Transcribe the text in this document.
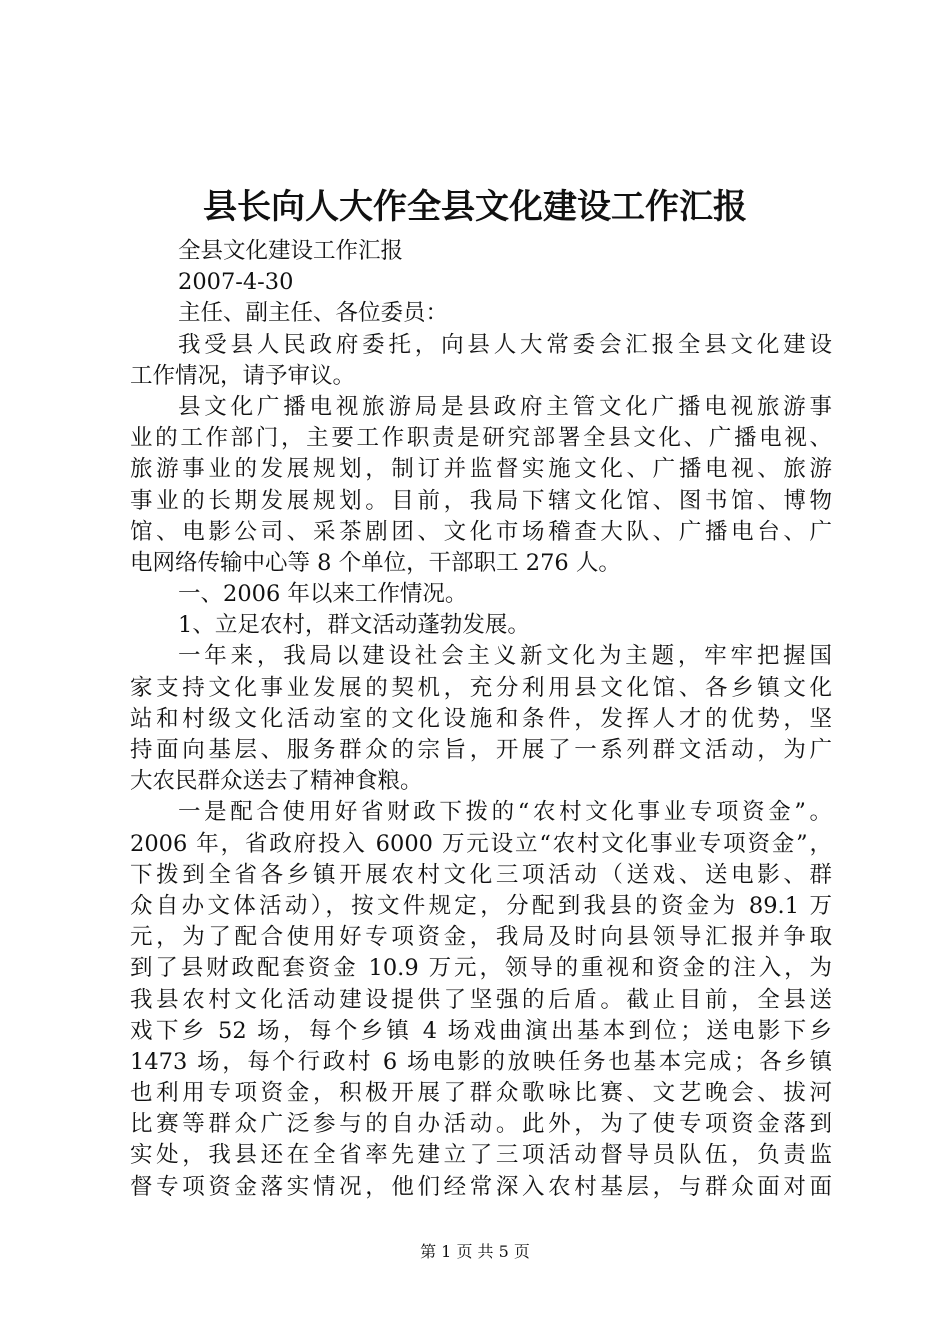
县长向人大作全县文化建设工作汇报
全县文化建设工作汇报
2007-4-30
主任、副主任、各位委员：
我受县人民政府委托，向县人大常委会汇报全县文化建设
工作情况，请予审议。
县文化广播电视旅游局是县政府主管文化广播电视旅游事
业的工作部门，主要工作职责是研究部署全县文化、广播电视、
旅游事业的发展规划，制订并监督实施文化、广播电视、旅游
事业的长期发展规划。目前，我局下辖文化馆、图书馆、博物
馆、电影公司、采茶剧团、文化市场稽查大队、广播电台、广
电网络传输中心等 8 个单位，干部职工 276 人。
一、2006 年以来工作情况。
1、立足农村，群文活动蓬勃发展。
一年来，我局以建设社会主义新文化为主题，牢牢把握国
家支持文化事业发展的契机，充分利用县文化馆、各乡镇文化
站和村级文化活动室的文化设施和条件，发挥人才的优势，坚
持面向基层、服务群众的宗旨，开展了一系列群文活动，为广
大农民群众送去了精神食粮。
一是配合使用好省财政下拨的“农村文化事业专项资金”。
2006 年，省政府投入 6000 万元设立“农村文化事业专项资金”，
下拨到全省各乡镇开展农村文化三项活动（送戏、送电影、群
众自办文体活动），按文件规定，分配到我县的资金为 89.1 万
元，为了配合使用好专项资金，我局及时向县领导汇报并争取
到了县财政配套资金 10.9 万元，领导的重视和资金的注入，为
我县农村文化活动建设提供了坚强的后盾。截止目前，全县送
戏下乡 52 场，每个乡镇 4 场戏曲演出基本到位；送电影下乡
1473 场，每个行政村 6 场电影的放映任务也基本完成；各乡镇
也利用专项资金，积极开展了群众歌咏比赛、文艺晚会、拔河
比赛等群众广泛参与的自办活动。此外，为了使专项资金落到
实处，我县还在全省率先建立了三项活动督导员队伍，负责监
督专项资金落实情况，他们经常深入农村基层，与群众面对面
第 1 页 共 5 页
